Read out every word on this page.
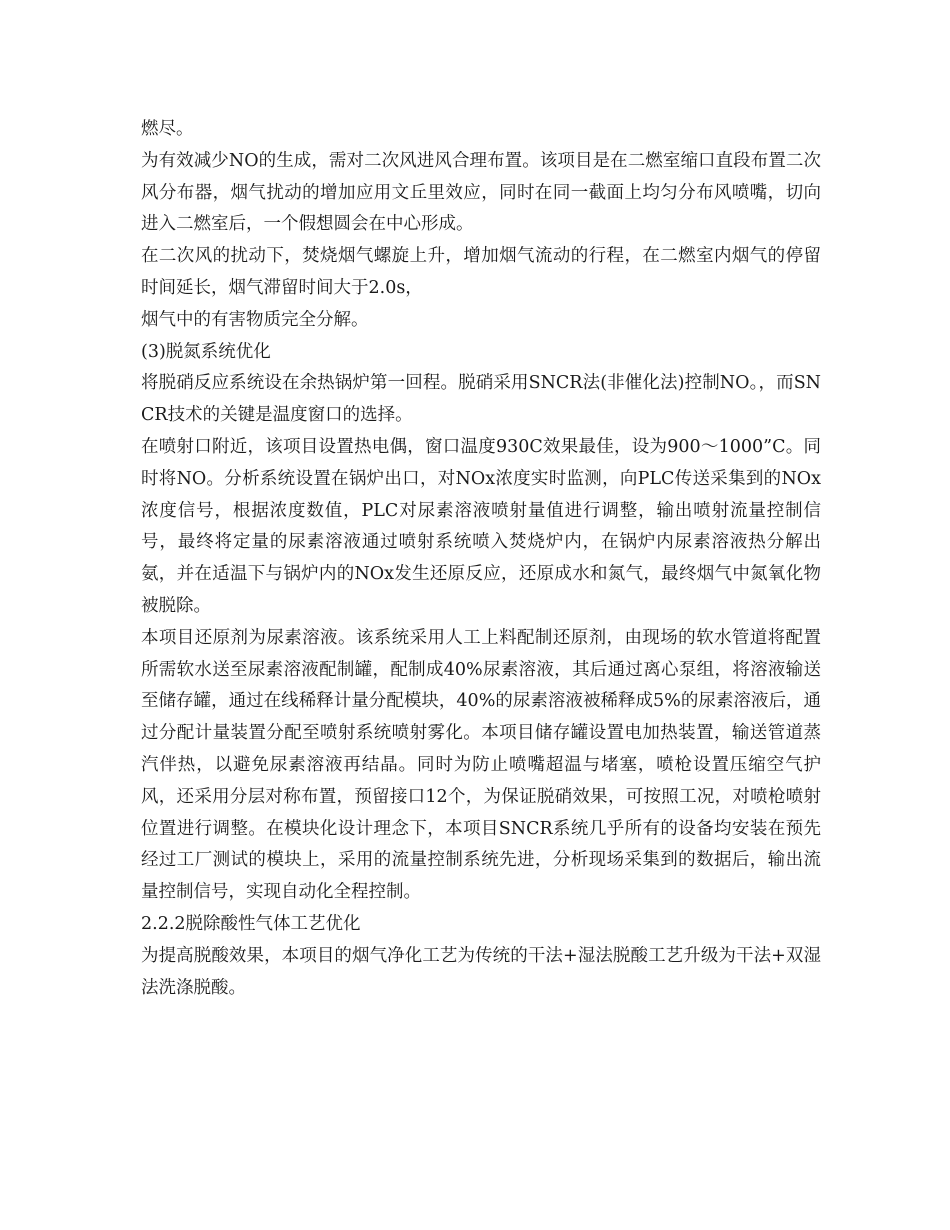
燃尽。

为有效减少NO的生成，需对二次风进风合理布置。该项目是在二燃室缩口直段布置二次风分布器，烟气扰动的增加应用文丘里效应，同时在同一截面上均匀分布风喷嘴，切向进入二燃室后，一个假想圆会在中心形成。

在二次风的扰动下，焚烧烟气螺旋上升，增加烟气流动的行程，在二燃室内烟气的停留时间延长，烟气滞留时间大于2.0s，

烟气中的有害物质完全分解。

(3)脱氮系统优化

将脱硝反应系统设在余热锅炉第一回程。脱硝采用SNCR法(非催化法)控制NO。，而SNCR技术的关键是温度窗口的选择。

在喷射口附近，该项目设置热电偶，窗口温度930C效果最佳，设为900～1000”C。同时将NO。分析系统设置在锅炉出口，对NOx浓度实时监测，向PLC传送采集到的NOx浓度信号，根据浓度数值，PLC对尿素溶液喷射量值进行调整，输出喷射流量控制信号，最终将定量的尿素溶液通过喷射系统喷入焚烧炉内，在锅炉内尿素溶液热分解出氨，并在适温下与锅炉内的NOx发生还原反应，还原成水和氮气，最终烟气中氮氧化物被脱除。

本项目还原剂为尿素溶液。该系统采用人工上料配制还原剂，由现场的软水管道将配置所需软水送至尿素溶液配制罐，配制成40%尿素溶液，其后通过离心泵组，将溶液输送至储存罐，通过在线稀释计量分配模块，40%的尿素溶液被稀释成5%的尿素溶液后，通过分配计量装置分配至喷射系统喷射雾化。本项目储存罐设置电加热装置，输送管道蒸汽伴热，以避免尿素溶液再结晶。同时为防止喷嘴超温与堵塞，喷枪设置压缩空气护风，还采用分层对称布置，预留接口12个，为保证脱硝效果，可按照工况，对喷枪喷射位置进行调整。在模块化设计理念下，本项目SNCR系统几乎所有的设备均安装在预先经过工厂测试的模块上，采用的流量控制系统先进，分析现场采集到的数据后，输出流量控制信号，实现自动化全程控制。

2.2.2脱除酸性气体工艺优化

为提高脱酸效果，本项目的烟气净化工艺为传统的干法+湿法脱酸工艺升级为干法+双湿法洗涤脱酸。
